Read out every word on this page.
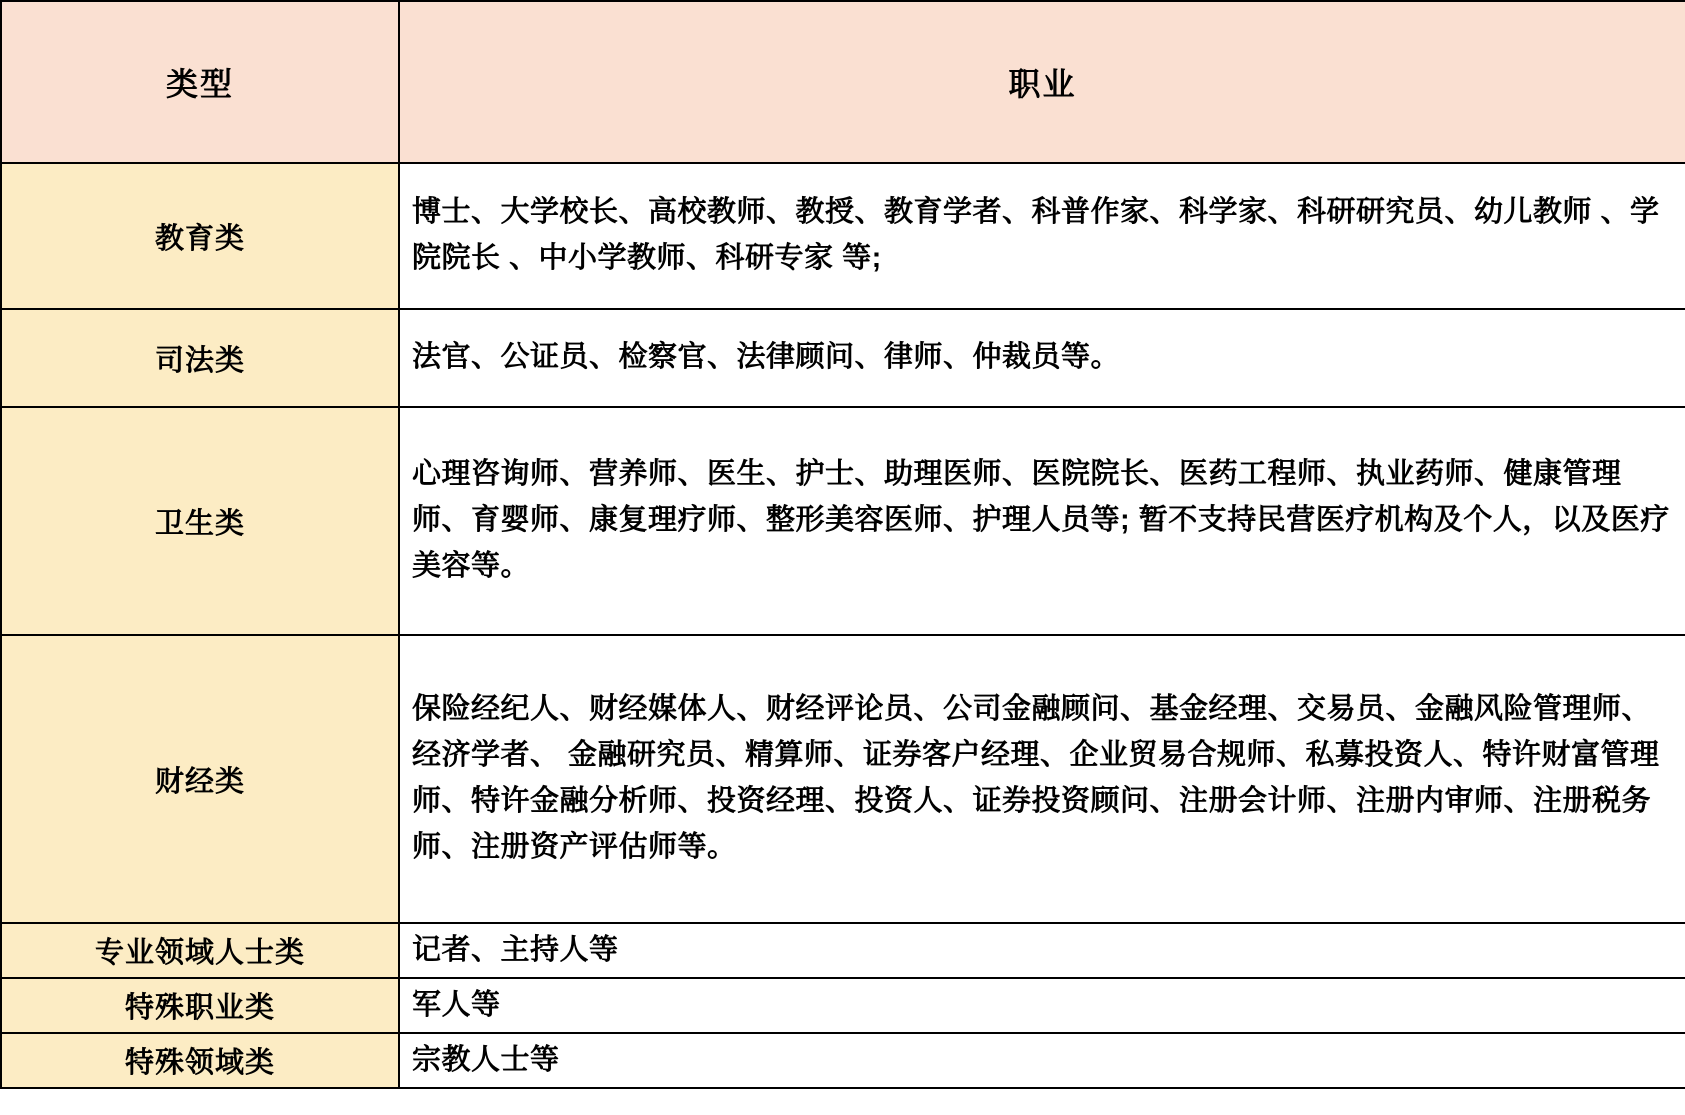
类型	职业
教育类	博士、大学校长、高校教师、教授、教育学者、科普作家、科学家、科研研究员、幼儿教师 、学院院长 、中小学教师、科研专家 等;
司法类	法官、公证员、检察官、法律顾问、律师、仲裁员等。
卫生类	心理咨询师、营养师、医生、护士、助理医师、医院院长、医药工程师、执业药师、健康管理师、育婴师、康复理疗师、整形美容医师、护理人员等; 暂不支持民营医疗机构及个人，以及医疗美容等。
财经类	保险经纪人、财经媒体人、财经评论员、公司金融顾问、基金经理、交易员、金融风险管理师、经济学者、 金融研究员、精算师、证券客户经理、企业贸易合规师、私募投资人、特许财富管理师、特许金融分析师、投资经理、投资人、证券投资顾问、注册会计师、注册内审师、注册税务师、注册资产评估师等。
专业领域人士类	记者、主持人等
特殊职业类	军人等
特殊领域类	宗教人士等
